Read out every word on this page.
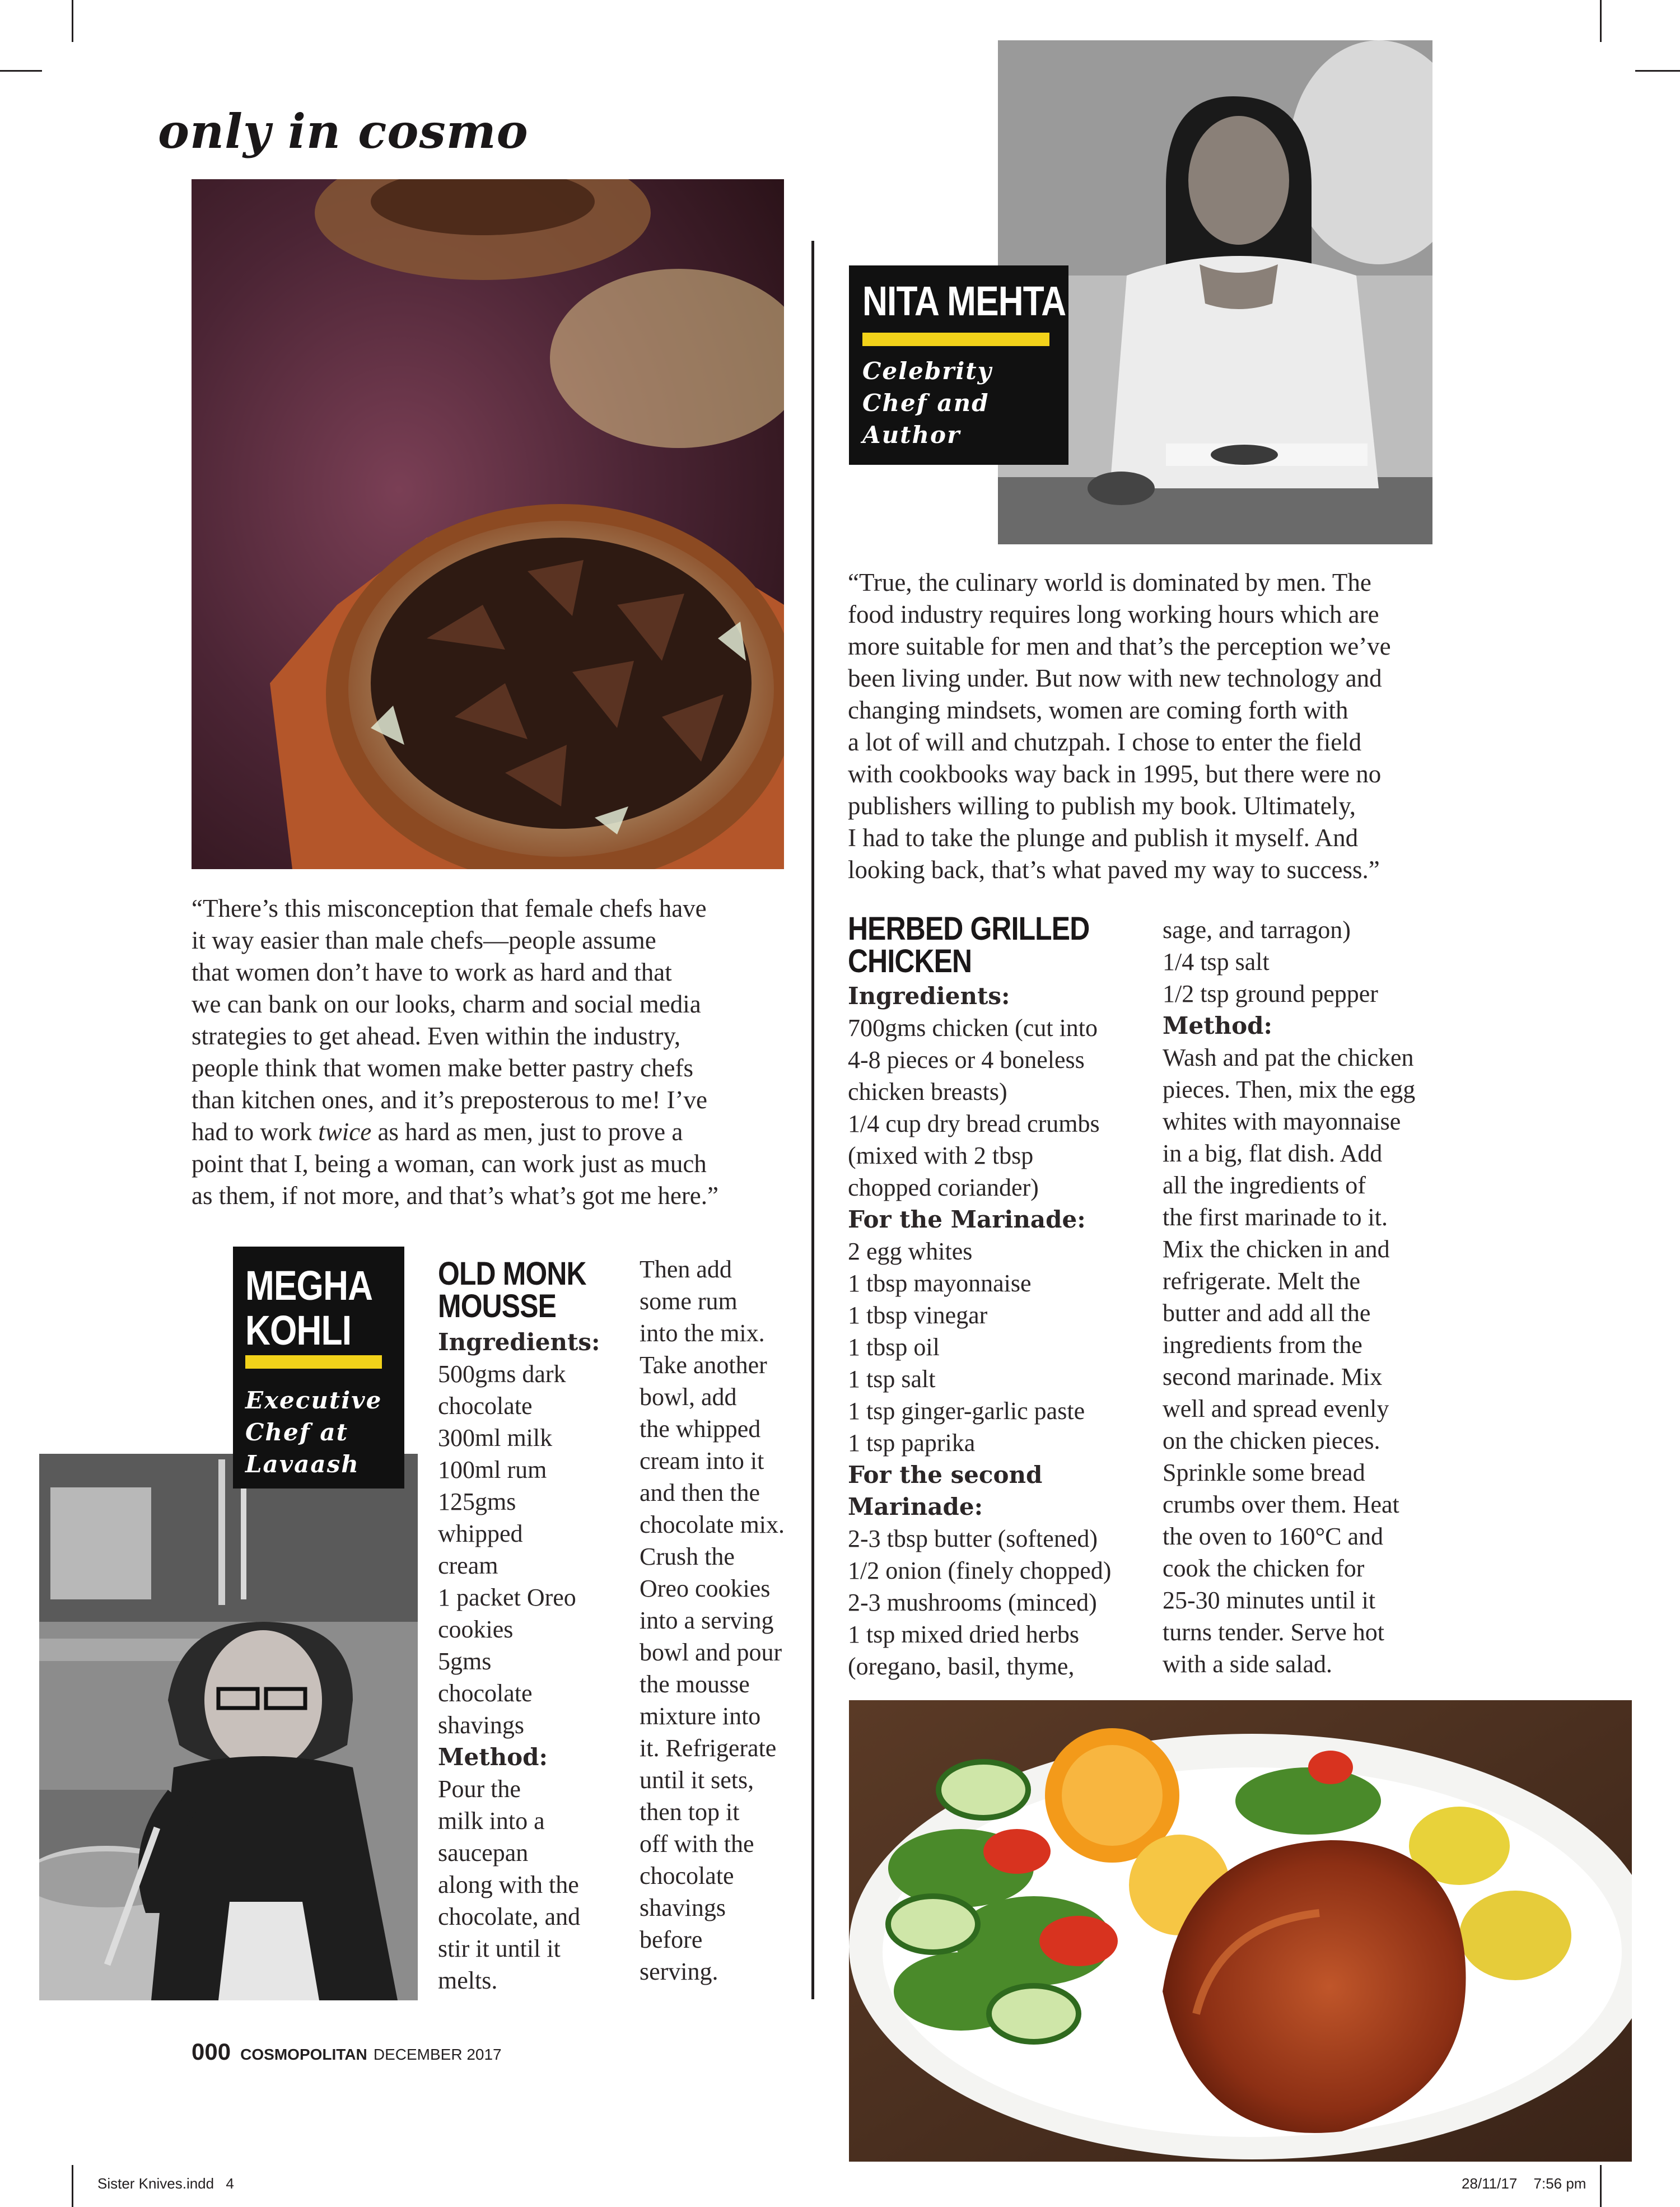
only in cosmo

“There’s this misconception that female chefs have

it way easier than male chefs—people assume

that women don’t have to work as hard and that

we can bank on our looks, charm and social media

strategies to get ahead. Even within the industry,

people think that women make better pastry chefs

than kitchen ones, and it’s preposterous to me! I’ve

had to work twice as hard as men, just to prove a

point that I, being a woman, can work just as much

as them, if not more, and that’s what’s got me here.”

MEGHA
KOHLI
Executive
Chef at
Lavaash
OLD MONK
MOUSSE
Ingredients:
500gms dark
chocolate
300ml milk
100ml rum
125gms
whipped
cream
1 packet Oreo
cookies
5gms
chocolate
shavings
Method:
Pour the
milk into a
saucepan
along with the
chocolate, and
stir it until it
melts.
Then add
some rum
into the mix.
Take another
bowl, add
the whipped
cream into it
and then the
chocolate mix.
Crush the
Oreo cookies
into a serving
bowl and pour
the mousse
mixture into
it. Refrigerate
until it sets,
then top it
off with the
chocolate
shavings
before
serving.
NITA MEHTA
Celebrity
Chef and
Author

“True, the culinary world is dominated by men. The

food industry requires long working hours which are

more suitable for men and that’s the perception we’ve

been living under. But now with new technology and

changing mindsets, women are coming forth with

a lot of will and chutzpah. I chose to enter the field

with cookbooks way back in 1995, but there were no

publishers willing to publish my book. Ultimately,

I had to take the plunge and publish it myself. And

looking back, that’s what paved my way to success.”

HERBED GRILLED
CHICKEN
Ingredients:
700gms chicken (cut into
4-8 pieces or 4 boneless
chicken breasts)
1/4 cup dry bread crumbs
(mixed with 2 tbsp
chopped coriander)
For the Marinade:
2 egg whites
1 tbsp mayonnaise
1 tbsp vinegar
1 tbsp oil
1 tsp salt
1 tsp ginger-garlic paste
1 tsp paprika
For the second
Marinade:
2-3 tbsp butter (softened)
1/2 onion (finely chopped)
2-3 mushrooms (minced)
1 tsp mixed dried herbs
(oregano, basil, thyme,
sage, and tarragon)
1/4 tsp salt
1/2 tsp ground pepper
Method:
Wash and pat the chicken
pieces. Then, mix the egg
whites with mayonnaise
in a big, flat dish. Add
all the ingredients of
the first marinade to it.
Mix the chicken in and
refrigerate. Melt the
butter and add all the
ingredients from the
second marinade. Mix
well and spread evenly
on the chicken pieces.
Sprinkle some bread
crumbs over them. Heat
the oven to 160°C and
cook the chicken for
25-30 minutes until it
turns tender. Serve hot
with a side salad.
000 COSMOPOLITAN DECEMBER 2017
Sister Knives.indd 4	28/11/17 7:56 pm
